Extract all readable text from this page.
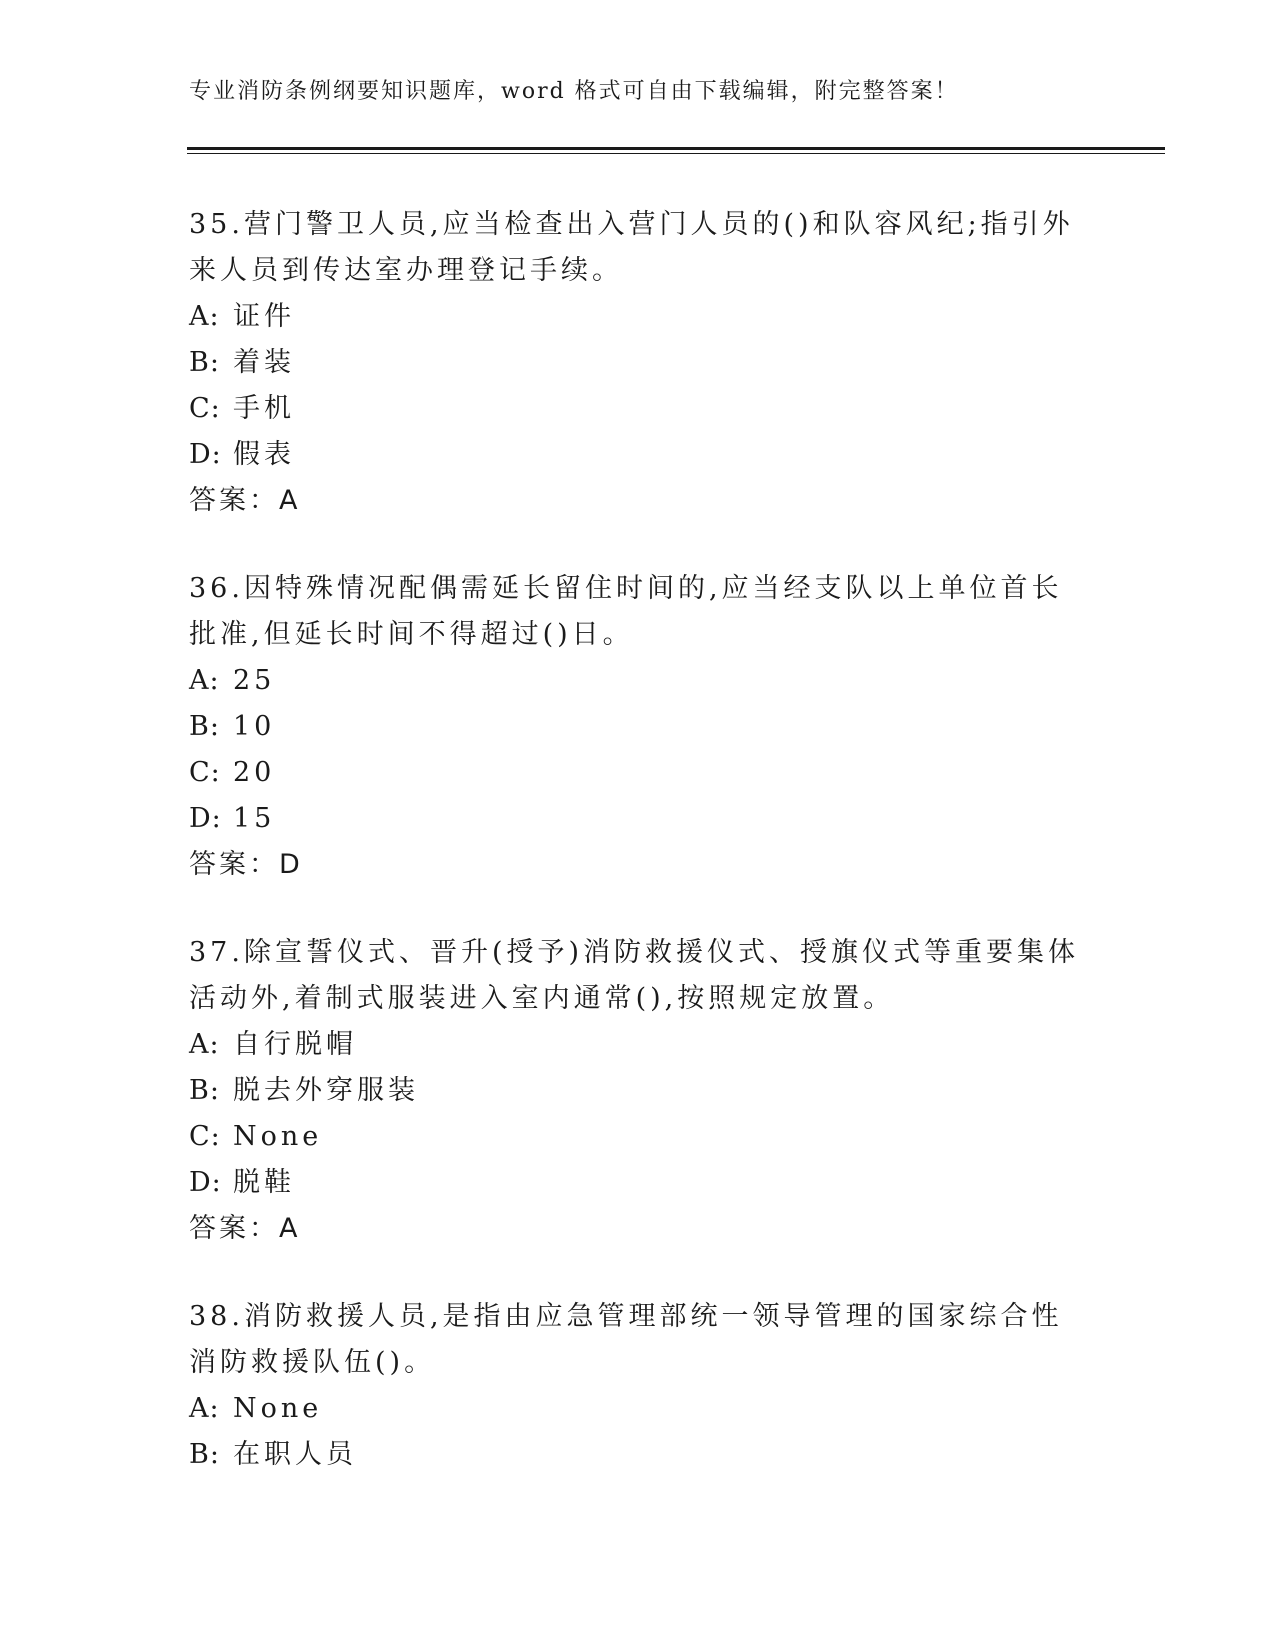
专业消防条例纲要知识题库，word 格式可自由下载编辑，附完整答案！
35.营门警卫人员,应当检查出入营门人员的()和队容风纪;指引外来人员到传达室办理登记手续。
A: 证件
B: 着装
C: 手机
D: 假表
答案：A
36.因特殊情况配偶需延长留住时间的,应当经支队以上单位首长批准,但延长时间不得超过()日。
A: 25
B: 10
C: 20
D: 15
答案：D
37.除宣誓仪式、晋升(授予)消防救援仪式、授旗仪式等重要集体活动外,着制式服装进入室内通常(),按照规定放置。
A: 自行脱帽
B: 脱去外穿服装
C: None
D: 脱鞋
答案：A
38.消防救援人员,是指由应急管理部统一领导管理的国家综合性消防救援队伍()。
A: None
B: 在职人员
